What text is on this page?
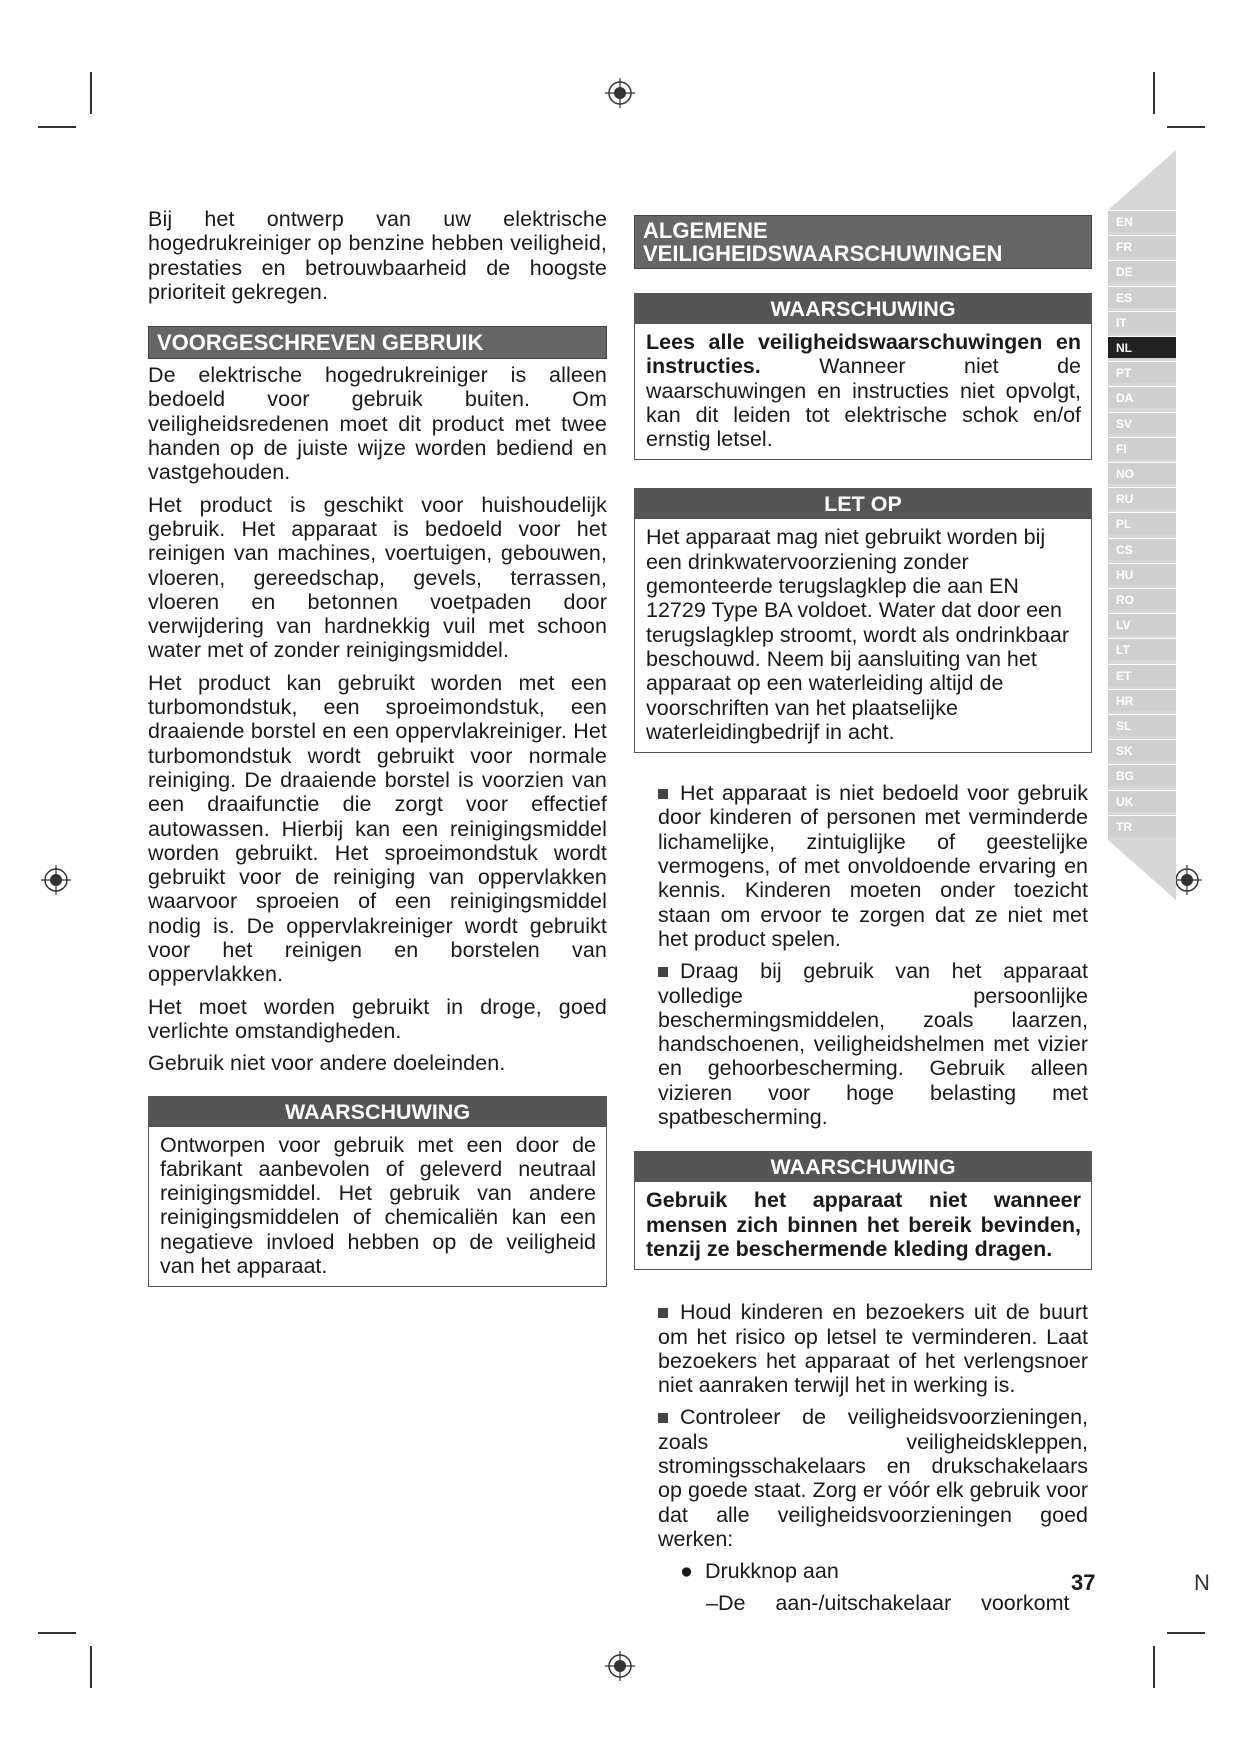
Bij het ontwerp van uw elektrische hogedrukreiniger op benzine hebben veiligheid, prestaties en betrouwbaarheid de hoogste prioriteit gekregen.

VOORGESCHREVEN GEBRUIK

De elektrische hogedrukreiniger is alleen bedoeld voor gebruik buiten. Om veiligheidsredenen moet dit product met twee handen op de juiste wijze worden bediend en vastgehouden.

Het product is geschikt voor huishoudelijk gebruik. Het apparaat is bedoeld voor het reinigen van machines, voertuigen, gebouwen, vloeren, gereedschap, gevels, terrassen, vloeren en betonnen voetpaden door verwijdering van hardnekkig vuil met schoon water met of zonder reinigingsmiddel.

Het product kan gebruikt worden met een turbomondstuk, een sproeimondstuk, een draaiende borstel en een oppervlakreiniger. Het turbomondstuk wordt gebruikt voor normale reiniging. De draaiende borstel is voorzien van een draaifunctie die zorgt voor effectief autowassen. Hierbij kan een reinigingsmiddel worden gebruikt. Het sproeimondstuk wordt gebruikt voor de reiniging van oppervlakken waarvoor sproeien of een reinigingsmiddel nodig is. De oppervlakreiniger wordt gebruikt voor het reinigen en borstelen van oppervlakken.

Het moet worden gebruikt in droge, goed verlichte omstandigheden.

Gebruik niet voor andere doeleinden.

WAARSCHUWING
Ontworpen voor gebruik met een door de fabrikant aanbevolen of geleverd neutraal reinigingsmiddel. Het gebruik van andere reinigingsmiddelen of chemicaliën kan een negatieve invloed hebben op de veiligheid van het apparaat.
ALGEMENE
VEILIGHEIDSWAARSCHUWINGEN
WAARSCHUWING
Lees alle veiligheidswaarschuwingen en instructies. Wanneer niet de waarschuwingen en instructies niet opvolgt, kan dit leiden tot elektrische schok en/of ernstig letsel.
LET OP
Het apparaat mag niet gebruikt worden bij een drinkwatervoorziening zonder gemonteerde terugslagklep die aan EN 12729 Type BA voldoet. Water dat door een terugslagklep stroomt, wordt als ondrinkbaar beschouwd. Neem bij aansluiting van het apparaat op een waterleiding altijd de voorschriften van het plaatselijke waterleidingbedrijf in acht.

Het apparaat is niet bedoeld voor gebruik door kinderen of personen met verminderde lichamelijke, zintuiglijke of geestelijke vermogens, of met onvoldoende ervaring en kennis. Kinderen moeten onder toezicht staan om ervoor te zorgen dat ze niet met het product spelen.

Draag bij gebruik van het apparaat volledige persoonlijke beschermingsmiddelen, zoals laarzen, handschoenen, veiligheidshelmen met vizier en gehoorbescherming. Gebruik alleen vizieren voor hoge belasting met spatbescherming.

WAARSCHUWING
Gebruik het apparaat niet wanneer mensen zich binnen het bereik bevinden, tenzij ze beschermende kleding dragen.

Houd kinderen en bezoekers uit de buurt om het risico op letsel te verminderen. Laat bezoekers het apparaat of het verlengsnoer niet aanraken terwijl het in werking is.

Controleer de veiligheidsvoorzieningen, zoals veiligheidskleppen, stromingsschakelaars en drukschakelaars op goede staat. Zorg er vóór elk gebruik voor dat alle veiligheidsvoorzieningen goed werken:

●  Drukknop aan

–De aan-/uitschakelaar voorkomt

EN
FR
DE
ES
IT
NL
PT
DA
SV
FI
NO
RU
PL
CS
HU
RO
LV
LT
ET
HR
SL
SK
BG
UK
TR
37	N
